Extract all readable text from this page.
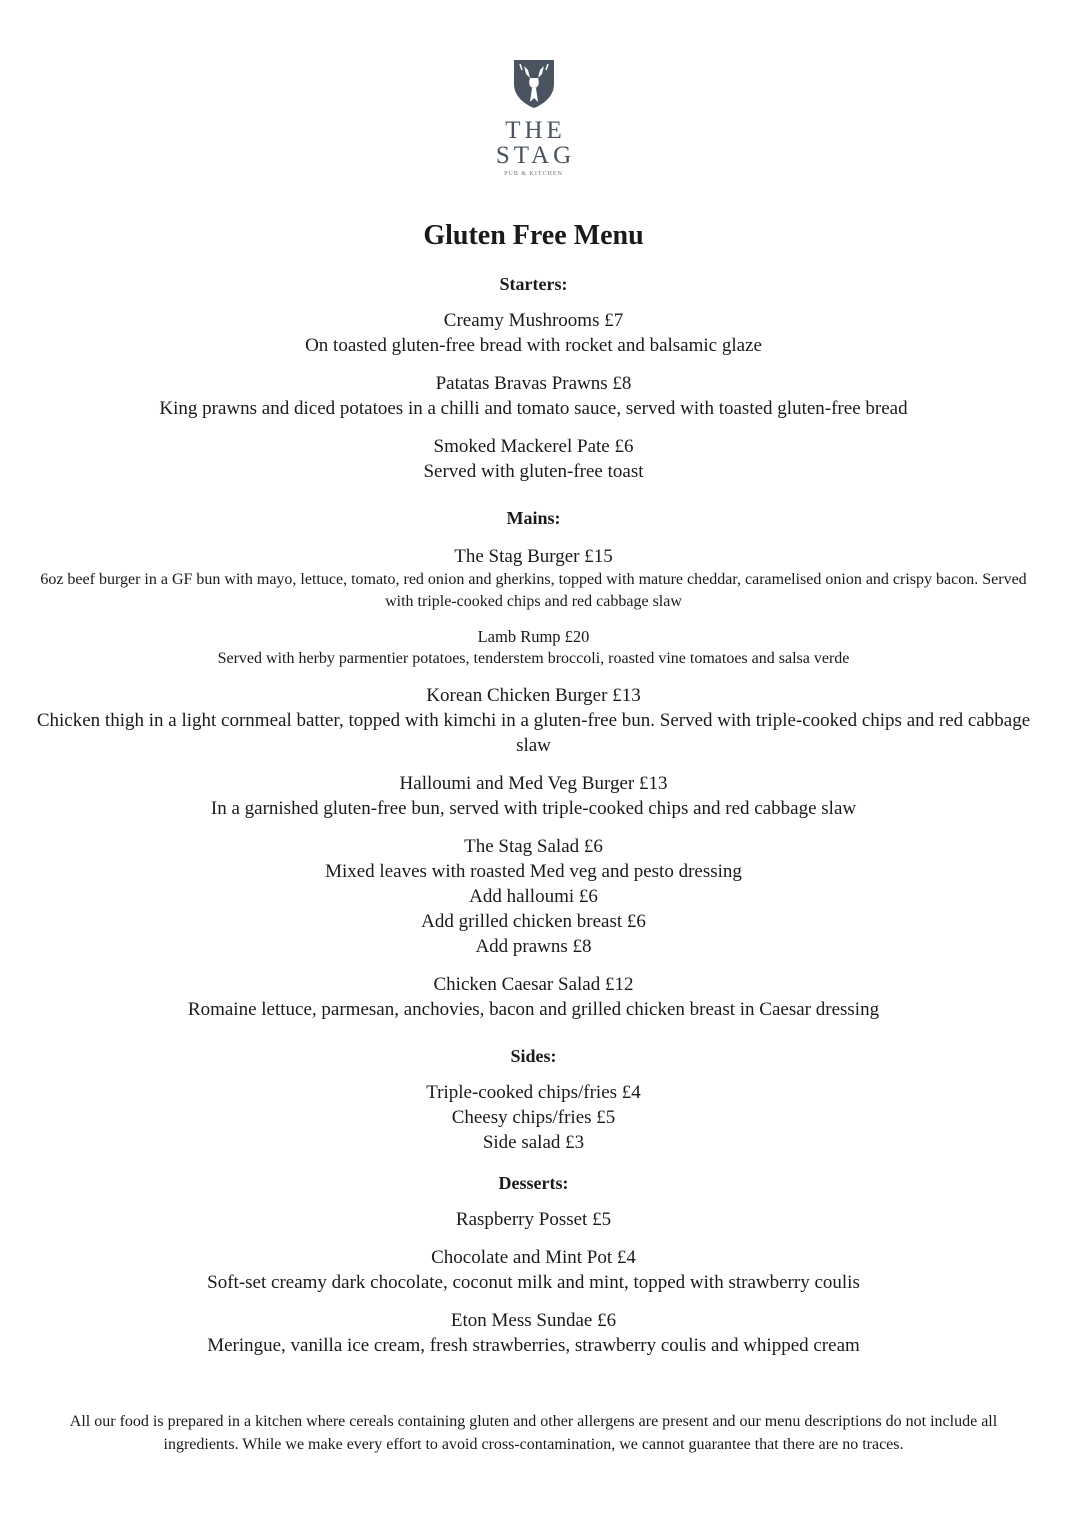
THE
STAG
PUB & KITCHEN
Gluten Free Menu
Starters:
Creamy Mushrooms £7
On toasted gluten-free bread with rocket and balsamic glaze
Patatas Bravas Prawns £8
King prawns and diced potatoes in a chilli and tomato sauce, served with toasted gluten-free bread
Smoked Mackerel Pate £6
Served with gluten-free toast
Mains:
The Stag Burger £15
6oz beef burger in a GF bun with mayo, lettuce, tomato, red onion and gherkins, topped with mature cheddar, caramelised onion and crispy bacon. Served with triple-cooked chips and red cabbage slaw
Lamb Rump £20
Served with herby parmentier potatoes, tenderstem broccoli, roasted vine tomatoes and salsa verde
Korean Chicken Burger £13
Chicken thigh in a light cornmeal batter, topped with kimchi in a gluten-free bun. Served with triple-cooked chips and red cabbage slaw
Halloumi and Med Veg Burger £13
In a garnished gluten-free bun, served with triple-cooked chips and red cabbage slaw
The Stag Salad £6
Mixed leaves with roasted Med veg and pesto dressing
Add halloumi £6
Add grilled chicken breast £6
Add prawns £8
Chicken Caesar Salad £12
Romaine lettuce, parmesan, anchovies, bacon and grilled chicken breast in Caesar dressing
Sides:
Triple-cooked chips/fries £4
Cheesy chips/fries £5
Side salad £3
Desserts:
Raspberry Posset £5
Chocolate and Mint Pot £4
Soft-set creamy dark chocolate, coconut milk and mint, topped with strawberry coulis
Eton Mess Sundae £6
Meringue, vanilla ice cream, fresh strawberries, strawberry coulis and whipped cream
All our food is prepared in a kitchen where cereals containing gluten and other allergens are present and our menu descriptions do not include all ingredients. While we make every effort to avoid cross-contamination, we cannot guarantee that there are no traces.
